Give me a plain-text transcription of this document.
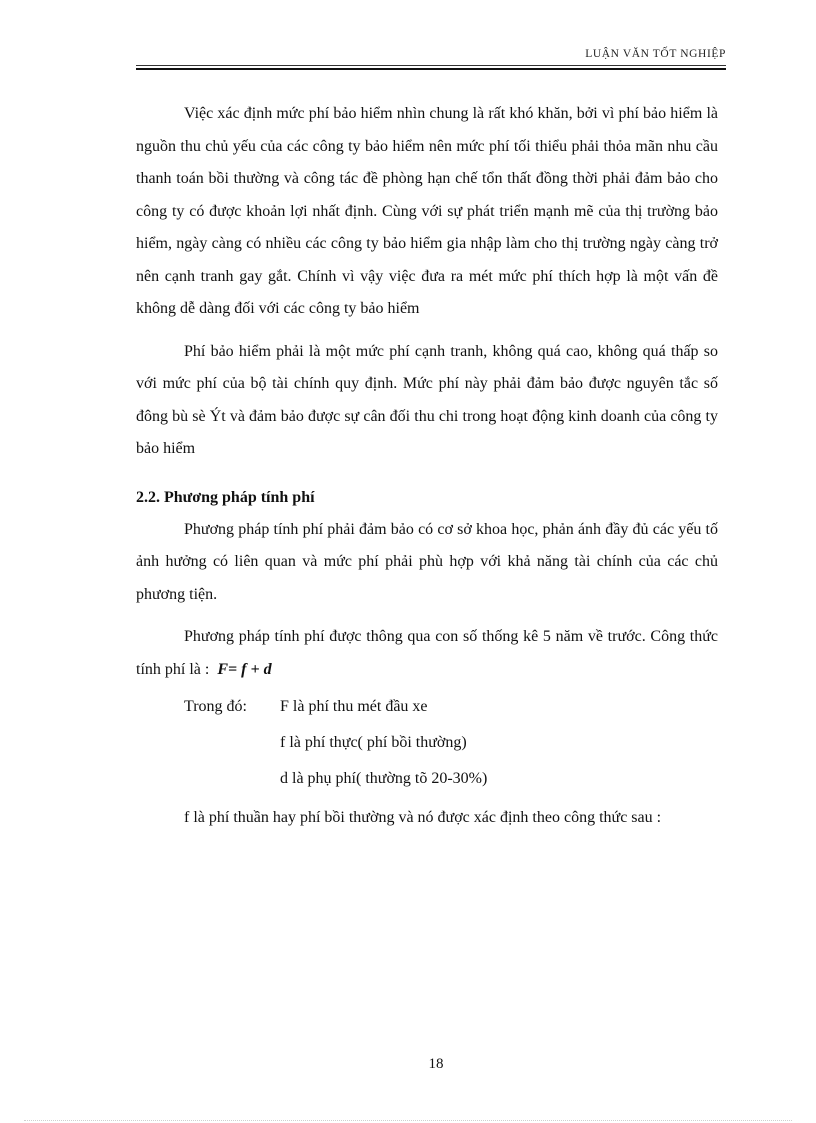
LUẬN VĂN TỐT NGHIỆP

Việc xác định mức phí bảo hiểm nhìn chung là rất khó khăn, bởi vì phí bảo hiểm là nguồn thu chủ yếu của các công ty bảo hiểm nên mức phí tối thiểu phải thỏa mãn nhu cầu thanh toán bồi thường và công tác đề phòng hạn chế tổn thất đồng thời phải đảm bảo cho công ty có được khoản lợi nhất định. Cùng với sự phát triển mạnh mẽ của thị trường bảo hiểm, ngày càng có nhiều các công ty bảo hiểm gia nhập làm cho thị trường ngày càng trở nên cạnh tranh gay gắt. Chính vì vậy việc đưa ra mét mức phí thích hợp là một vấn đề không dễ dàng đối với các công ty bảo hiểm

Phí bảo hiểm phải là một mức phí cạnh tranh, không quá cao, không quá thấp so với mức phí của bộ tài chính quy định. Mức phí này phải đảm bảo được nguyên tắc số đông bù sè Ýt và đảm bảo được sự cân đối thu chi trong hoạt động kinh doanh của công ty bảo hiểm

2.2. Phương pháp tính phí

Phương pháp tính phí phải đảm bảo có cơ sở khoa học, phản ánh đầy đủ các yếu tố ảnh hưởng có liên quan và mức phí phải phù hợp với khả năng tài chính của các chủ phương tiện.

Phương pháp tính phí được thông qua con số thống kê 5 năm về trước. Công thức tính phí là : F= f + d

Trong đó:	F là phí thu mét đầu xe
f là phí thực( phí bồi thường)
d là phụ phí( thường tõ 20-30%)

f là phí thuần hay phí bồi thường và nó được xác định theo công thức sau :

18
